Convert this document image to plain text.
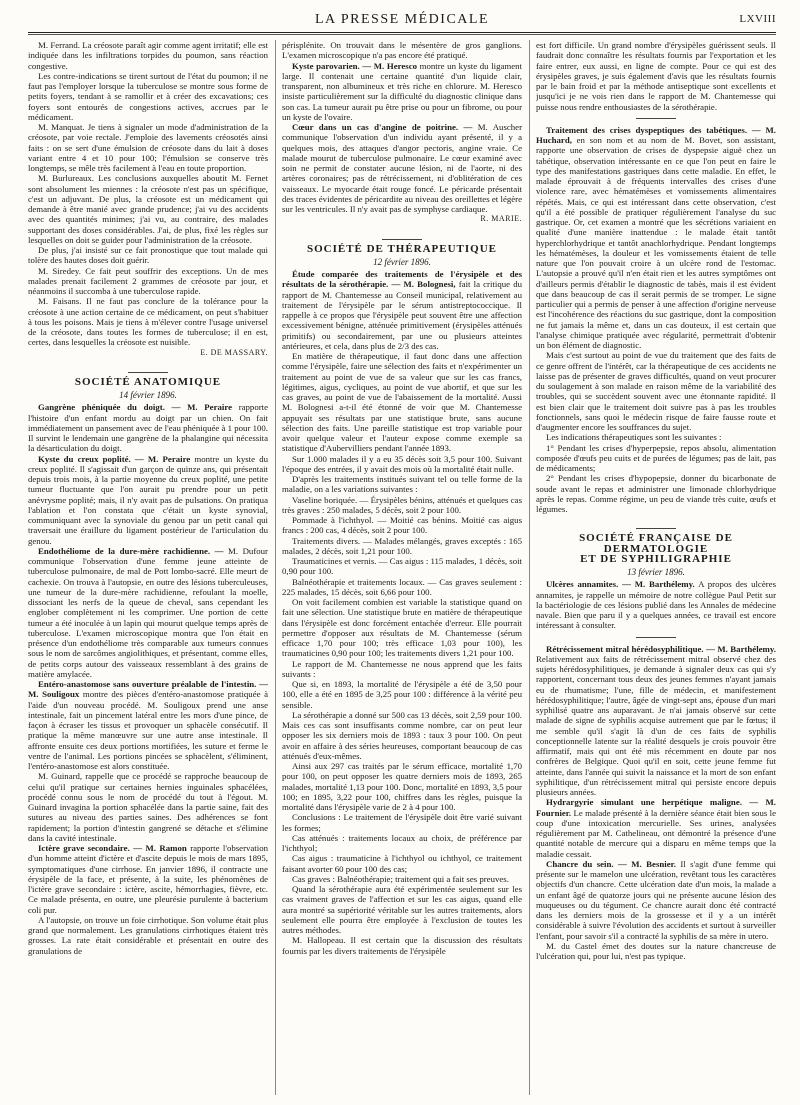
LA PRESSE MÉDICALE	LXVIII

M. Ferrand. La créosote paraît agir comme agent irritatif; elle est indiquée dans les infiltrations torpides du poumon, sans réaction congestive.

Les contre-indications se tirent surtout de l'état du poumon; il ne faut pas l'employer lorsque la tuberculose se montre sous forme de petits foyers, tendant à se ramollir et à créer des excavations; ces foyers sont entourés de congestions actives, accrues par le médicament.

M. Manquat. Je tiens à signaler un mode d'administration de la créosote, par voie rectale. J'emploie des lavements créosotés ainsi faits : on se sert d'une émulsion de créosote dans du lait à doses variant entre 4 et 10 pour 100; l'émulsion se conserve très longtemps, se mêle très facilement à l'eau en toute proportion.

M. Burlureaux. Les conclusions auxquelles aboutit M. Fernet sont absolument les miennes : la créosote n'est pas un spécifique, c'est un adjuvant. De plus, la créosote est un médicament qui demande à être manié avec grande prudence; j'ai vu des accidents avec des quantités minimes; j'ai vu, au contraire, des malades supportant des doses considérables. J'ai, de plus, fixé les règles sur lesquelles on doit se guider pour l'administration de la créosote.

De plus, j'ai insisté sur ce fait pronostique que tout malade qui tolère des hautes doses doit guérir.

M. Siredey. Ce fait peut souffrir des exceptions. Un de mes malades prenait facilement 2 grammes de créosote par jour, et néanmoins il succomba à une tuberculose rapide.

M. Faisans. Il ne faut pas conclure de la tolérance pour la créosote à une action certaine de ce médicament, on peut s'habituer à tous les poisons. Mais je tiens à m'élever contre l'usage universel de la créosote, dans toutes les formes de tuberculose; il en est, certes, dans lesquelles la créosote est nuisible.

E. DE MASSARY.
SOCIÉTÉ ANATOMIQUE
14 février 1896.

Gangrène phéniquée du doigt. — M. Peraire rapporte l'histoire d'un enfant mordu au doigt par un chien. On fait immédiatement un pansement avec de l'eau phéniquée à 1 pour 100. Il survint le lendemain une gangrène de la phalangine qui nécessita la désarticulation du doigt.

Kyste du creux poplité. — M. Peraire montre un kyste du creux poplité. Il s'agissait d'un garçon de quinze ans, qui présentait depuis trois mois, à la partie moyenne du creux poplité, une petite tumeur fluctuante que l'on aurait pu prendre pour un petit anévrysme poplité; mais, il n'y avait pas de pulsations. On pratiqua l'ablation et l'on constata que c'était un kyste synovial, communiquant avec la synoviale du genou par un petit canal qui traversait une éraillure du ligament postérieur de l'articulation du genou.

Endothéliome de la dure-mère rachidienne. — M. Dufour communique l'observation d'une femme jeune atteinte de tuberculose pulmonaire, de mal de Pott lombo-sacré. Elle meurt de cachexie. On trouva à l'autopsie, en outre des lésions tuberculeuses, une tumeur de la dure-mère rachidienne, refoulant la moelle, dissociant les nerfs de la queue de cheval, sans cependant les englober complètement ni les comprimer. Une portion de cette tumeur a été inoculée à un lapin qui mourut quelque temps après de tuberculose. L'examen microscopique montra que l'on était en présence d'un endothéliome très comparable aux tumeurs connues sous le nom de sarcômes angiolithiques, et présentant, comme elles, de petits corps autour des vaisseaux ressemblant à des grains de matière amylacée.

Entéro-anastomose sans ouverture préalable de l'intestin. — M. Souligoux montre des pièces d'entéro-anastomose pratiquée à l'aide d'un nouveau procédé. M. Souligoux prend une anse intestinale, fait un pincement latéral entre les mors d'une pince, de façon à écraser les tissus et provoquer un sphacèle consécutif. Il pratique la même manœuvre sur une autre anse intestinale. Il affronte ensuite ces deux portions mortifiées, les suture et ferme le ventre de l'animal. Les portions pincées se sphacèlent, s'éliminent, l'entéro-anastomose est alors constituée.

M. Guinard, rappelle que ce procédé se rapproche beaucoup de celui qu'il pratique sur certaines hernies inguinales sphacélées, procédé connu sous le nom de procédé du tout à l'égout. M. Guinard invagina la portion sphacélée dans la partie saine, fait des sutures au niveau des parties saines. Des adhérences se font rapidement; la portion d'intestin gangrené se détache et s'élimine dans la cavité intestinale.

Ictère grave secondaire. — M. Ramon rapporte l'observation d'un homme atteint d'ictère et d'ascite depuis le mois de mars 1895, symptomatiques d'une cirrhose. En janvier 1896, il contracte une érysipèle de la face, et présente, à la suite, les phénomènes de l'ictère grave secondaire : ictère, ascite, hémorrhagies, fièvre, etc. Ce malade présenta, en outre, une pleurésie purulente à bacterium coli pur.

A l'autopsie, on trouve un foie cirrhotique. Son volume était plus grand que normalement. Les granulations cirrhotiques étaient très grosses. La rate était considérable et présentait en outre des granulations de

périsplénite. On trouvait dans le mésentère de gros ganglions. L'examen microscopique n'a pas encore été pratiqué.

Kyste parovarien. — M. Heresco montre un kyste du ligament large. Il contenait une certaine quantité d'un liquide clair, transparent, non albumineux et très riche en chlorure. M. Heresco insiste particulièrement sur la difficulté du diagnostic clinique dans son cas. La tumeur aurait pu être prise ou pour un fibrome, ou pour un kyste de l'ovaire.

Cœur dans un cas d'angine de poitrine. — M. Auscher communique l'observation d'un individu ayant présenté, il y a quelques mois, des attaques d'angor pectoris, angine vraie. Ce malade mourut de tuberculose pulmonaire. Le cœur examiné avec soin ne permit de constater aucune lésion, ni de l'aorte, ni des artères coronaires; pas de rétrécissement, ni d'oblitération de ces vaisseaux. Le myocarde était rouge foncé. Le péricarde présentait des traces évidentes de péricardite au niveau des oreillettes et légère sur les ventricules. Il n'y avait pas de symphyse cardiaque.

R. MARIE.
SOCIÉTÉ DE THÉRAPEUTIQUE
12 février 1896.

Étude comparée des traitements de l'érysipèle et des résultats de la sérothérapie. — M. Bolognesi, fait la critique du rapport de M. Chantemesse au Conseil municipal, relativement au traitement de l'érysipèle par le sérum antistreptococcique. Il rappelle à ce propos que l'érysipèle peut souvent être une affection excessivement bénigne, atténuée primitivement (érysipèles atténués primitifs) ou secondairement, par une ou plusieurs atteintes antérieures, et cela, dans plus de 2/3 des cas.

En matière de thérapeutique, il faut donc dans une affection comme l'érysipèle, faire une sélection des faits et n'expérimenter un traitement au point de vue de sa valeur que sur les cas francs, légitimes, aigus, cycliques, au point de vue abortif, et que sur les cas graves, au point de vue de l'abaissement de la mortalité. Aussi M. Bolognesi a-t-il été étonné de voir que M. Chantemesse appuyait ses résultats par une statistique brute, sans aucune sélection des faits. Une pareille statistique est trop variable pour avoir quelque valeur et l'auteur expose comme exemple sa statistique d'Aubervilliers pendant l'année 1893.

Sur 1.000 malades il y a eu 35 décès soit 3,5 pour 100. Suivant l'époque des entrées, il y avait des mois où la mortalité était nulle.

D'après les traitements institués suivant tel ou telle forme de la maladie, on a les variations suivantes :

Vaseline boriquée. — Érysipèles bénins, atténués et quelques cas très graves : 250 malades, 5 décès, soit 2 pour 100.

Pommade à l'ichthyol. — Moitié cas bénins. Moitié cas aigus francs : 200 cas, 4 décès, soit 2 pour 100.

Traitements divers. — Malades mélangés, graves exceptés : 165 malades, 2 décès, soit 1,21 pour 100.

Traumaticines et vernis. — Cas aigus : 115 malades, 1 décès, soit 0,90 pour 100.

Balnéothérapie et traitements locaux. — Cas graves seulement : 225 malades, 15 décès, soit 6,66 pour 100.

On voit facilement combien est variable la statistique quand on fait une sélection. Une statistique brute en matière de thérapeutique dans l'érysipèle est donc forcément entachée d'erreur. Elle pourrait permettre d'opposer aux résultats de M. Chantemesse (sérum efficace 1,70 pour 100; très efficace 1,03 pour 100), les traumaticines 0,90 pour 100; les traitements divers 1,21 pour 100.

Le rapport de M. Chantemesse ne nous apprend que les faits suivants :

Que si, en 1893, la mortalité de l'érysipèle a été de 3,50 pour 100, elle a été en 1895 de 3,25 pour 100 : différence à la vérité peu sensible.

La sérothérapie a donné sur 500 cas 13 décès, soit 2,59 pour 100. Mais ces cas sont insuffisants comme nombre, car on peut leur opposer les six derniers mois de 1893 : taux 3 pour 100. On peut avoir en affaire à des séries heureuses, comportant beaucoup de cas atténués d'eux-mêmes.

Ainsi aux 297 cas traités par le sérum efficace, mortalité 1,70 pour 100, on peut opposer les quatre derniers mois de 1893, 265 malades, mortalité 1,13 pour 100. Donc, mortalité en 1893, 3,5 pour 100; en 1895, 3,22 pour 100, chiffres dans les règles, puisque la mortalité dans l'érysipèle varie de 2 à 4 pour 100.

Conclusions : Le traitement de l'érysipèle doit être varié suivant les formes;

Cas atténués : traitements locaux au choix, de préférence par l'ichthyol;

Cas aigus : traumaticine à l'ichthyol ou ichthyol, ce traitement faisant avorter 60 pour 100 des cas;

Cas graves : Balnéothérapie; traitement qui a fait ses preuves.

Quand la sérothérapie aura été expérimentée seulement sur les cas vraiment graves de l'affection et sur les cas aigus, quand elle aura montré sa supériorité véritable sur les autres traitements, alors seulement elle pourra être employée à l'exclusion de toutes les autres méthodes.

M. Hallopeau. Il est certain que la discussion des résultats fournis par les divers traitements de l'érysipèle

est fort difficile. Un grand nombre d'érysipèles guérissent seuls. Il faudrait donc connaître les résultats fournis par l'exportation et les faire entrer, eux aussi, en ligne de compte. Pour ce qui est des érysipèles graves, je suis également d'avis que les résultats fournis par le bain froid et par la méthode antiseptique sont excellents et jusqu'ici je ne vois rien dans le rapport de M. Chantemesse qui puisse nous rendre enthousiastes de la sérothérapie.

Traitement des crises dyspeptiques des tabétiques. — M. Huchard, en son nom et au nom de M. Bovet, son assistant, rapporte une observation de crises de dyspepsie aiguë chez un tabétique, observation intéressante en ce que l'on peut en faire le type des manifestations gastriques dans cette maladie. En effet, le malade éprouvait à de fréquents intervalles des crises d'une violence rare, avec hématémèses et vomissements alimentaires répétés. Mais, ce qui est intéressant dans cette observation, c'est qu'il a été possible de pratiquer régulièrement l'analyse du suc gastrique. Or, cet examen a montré que les sécrétions variaient en qualité d'une manière inattendue : le malade était tantôt hyperchlorhydrique et tantôt anachlorhydrique. Pendant longtemps les hématémèses, la douleur et les vomissements étaient de telle nature que l'on pouvait croire à un ulcère rond de l'estomac. L'autopsie a prouvé qu'il n'en était rien et les autres symptômes ont d'ailleurs permis d'établir le diagnostic de tabès, mais il est évident que dans beaucoup de cas il serait permis de se tromper. Le signe particulier qui a permis de penser à une affection d'origine nerveuse est l'incohérence des réactions du suc gastrique, dont la composition ne fut jamais la même et, dans un cas douteux, il est certain que l'analyse chimique pratiquée avec régularité, permettrait d'obtenir un bon élément de diagnostic.

Mais c'est surtout au point de vue du traitement que des faits de ce genre offrent de l'intérêt, car la thérapeutique de ces accidents ne laisse pas de présenter de graves difficultés, quand on veut procurer du soulagement à son malade en raison même de la variabilité des troubles, qui se succèdent souvent avec une étonnante rapidité. Il est bien clair que le traitement doit suivre pas à pas les troubles fonctionnels, sans quoi le médecin risque de faire fausse route et d'augmenter encore les souffrances du sujet.

Les indications thérapeutiques sont les suivantes :

1° Pendant les crises d'hyperpepsie, repos absolu, alimentation composée d'œufs peu cuits et de purées de légumes; pas de lait, pas de médicaments;

2° Pendant les crises d'hypopepsie, donner du bicarbonate de soude avant le repas et administrer une limonade chlorhydrique après le repas. Comme régime, un peu de viande très cuite, œufs et légumes.

SOCIÉTÉ FRANÇAISE DE DERMATOLOGIE
ET DE SYPHILIGRAPHIE
13 février 1896.

Ulcères annamites. — M. Barthélemy. A propos des ulcères annamites, je rappelle un mémoire de notre collègue Paul Petit sur la bactériologie de ces lésions publié dans les Annales de médecine navale. Bien que paru il y a quelques années, ce travail est encore intéressant à consulter.

Rétrécissement mitral hérédosyphilitique. — M. Barthélemy. Relativement aux faits de rétrécissement mitral observé chez des sujets hérédosyphilitiques, je demande à signaler deux cas qui s'y rapportent, concernant tous deux des jeunes femmes n'ayant jamais eu de rhumatisme; l'une, fille de médecin, et manifestement hérédosyphilitique; l'autre, âgée de vingt-sept ans, épouse d'un mari syphilisé quatre ans auparavant. Je n'ai jamais observé sur cette malade de signe de syphilis acquise autrement que par le fœtus; il me semble qu'il s'agit là d'un de ces faits de syphilis conceptionnelle latente sur la réalité desquels je crois pouvoir être affirmatif, mais qui ont été mis récemment en doute par nos confrères de Belgique. Quoi qu'il en soit, cette jeune femme fut atteinte, dans l'année qui suivit la naissance et la mort de son enfant syphilitique, d'un rétrécissement mitral qui persiste encore depuis plusieurs années.

Hydrargyrie simulant une herpétique maligne. — M. Fournier. Le malade présenté à la dernière séance était bien sous le coup d'une intoxication mercurielle. Ses urines, analysées régulièrement par M. Cathelineau, ont démontré la présence d'une quantité notable de mercure qui a disparu en même temps que la maladie cessait.

Chancre du sein. — M. Besnier. Il s'agit d'une femme qui présente sur le mamelon une ulcération, revêtant tous les caractères objectifs d'un chancre. Cette ulcération date d'un mois, la malade a un enfant âgé de quatorze jours qui ne présente aucune lésion des muqueuses ou du tégument. Ce chancre aurait donc été contracté dans les derniers mois de la grossesse et il y a un intérêt considérable à suivre l'évolution des accidents et surtout à surveiller l'enfant, pour savoir s'il a contracté la syphilis de sa mère in utero.

M. du Castel émet des doutes sur la nature chancreuse de l'ulcération qui, pour lui, n'est pas typique.
